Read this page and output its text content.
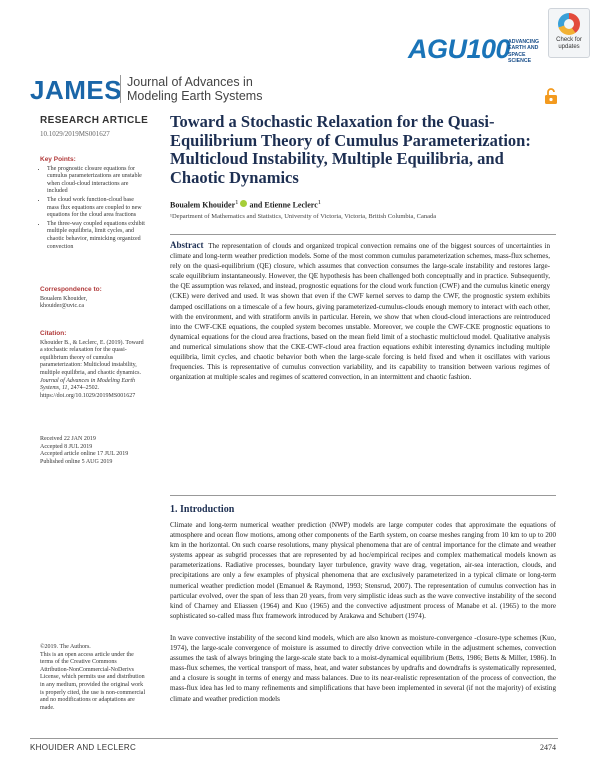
Check for updates
AGU100
ADVANCING EARTH AND SPACE SCIENCE
JAMES Journal of Advances in
Modeling Earth Systems
RESEARCH ARTICLE
10.1029/2019MS001627
Key Points:
• The prognostic closure equations for cumulus parameterizations are unstable when cloud-cloud interactions are included
• The cloud work function-cloud base mass flux equations are coupled to new equations for the cloud area fractions
• The three-way coupled equations exhibit multiple equilibria, limit cycles, and chaotic behavior, mimicking organized convection
Correspondence to:
Boualem Khouider,
khouider@uvic.ca
Citation:
Khouider B., & Leclerc, E. (2019). Toward a stochastic relaxation for the quasi-equilibrium theory of cumulus parameterization: Multicloud instability, multiple equilibria, and chaotic dynamics. Journal of Advances in Modeling Earth Systems, 11, 2474–2502. https://doi.org/10.1029/2019MS001627
Received 22 JAN 2019
Accepted 8 JUL 2019
Accepted article online 17 JUL 2019
Published online 5 AUG 2019
©2019. The Authors.
This is an open access article under the terms of the Creative Commons Attribution-NonCommercial-NoDerivs License, which permits use and distribution in any medium, provided the original work is properly cited, the use is non-commercial and no modifications or adaptations are made.
Toward a Stochastic Relaxation for the Quasi-Equilibrium Theory of Cumulus Parameterization: Multicloud Instability, Multiple Equilibria, and Chaotic Dynamics
Boualem Khouider$^1$  and Etienne Leclerc$^1$
¹Department of Mathematics and Statistics, University of Victoria, Victoria, British Columbia, Canada
Abstract The representation of clouds and organized tropical convection remains one of the biggest sources of uncertainties in climate and long-term weather prediction models. Some of the most common cumulus parameterization schemes, mass-flux schemes, rely on the quasi-equilibrium (QE) closure, which assumes that convection consumes the large-scale instability and restores large-scale equilibrium instantaneously. However, the QE hypothesis has been challenged both conceptually and in practice. Subsequently, the QE assumption was relaxed, and instead, prognostic equations for the cloud work function (CWF) and the cumulus kinetic energy (CKE) were derived and used. It was shown that even if the CWF kernel serves to damp the CWF, the prognostic system exhibits damped oscillations on a timescale of a few hours, giving parameterized-cumulus-clouds enough memory to interact with each other, with the environment, and with stratiform anvils in particular. Herein, we show that when cloud-cloud interactions are reintroduced into the CWF-CKE equations, the coupled system becomes unstable. Moreover, we couple the CWF-CKE prognostic equations to dynamical equations for the cloud area fractions, based on the mean field limit of a stochastic multicloud model. Qualitative analysis and numerical simulations show that the CKE-CWF-cloud area fraction equations exhibit interesting dynamics including multiple equilibria, limit cycles, and chaotic behavior both when the large-scale forcing is held fixed and when it oscillates with various frequencies. This is representative of cumulus convection variability, and its capability to transition between various regimes of organization at multiple scales and regimes of scattered convection, in an intermittent and chaotic fashion.
1. Introduction
Climate and long-term numerical weather prediction (NWP) models are large computer codes that approximate the equations of atmosphere and ocean flow motions, among other components of the Earth system, on coarse meshes ranging from 10 km to up to 200 km in the horizontal. On such coarse resolutions, many physical phenomena that are of central importance for the climate and weather systems appear as subgrid processes that are represented by ad hoc/empirical recipes and complex mathematical models known as parameterizations. Radiative processes, boundary layer turbulence, gravity wave drag, vegetation, air-sea interaction, clouds, and precipitations are only a few examples of physical phenomena that are exclusively parameterized in a typical climate or long-term numerical weather prediction model (Emanuel & Raymond, 1993; Stensrud, 2007). The representation of cumulus convection has in particular evolved, over the span of less than 20 years, from very simplistic ideas such as the wave convective instability of the second kind of Charney and Eliassen (1964) and Kuo (1965) and the convective adjustment process of Manabe et al. (1965) to the more sophisticated so-called mass flux framework introduced by Arakawa and Schubert (1974).
In wave convective instability of the second kind models, which are also known as moisture-convergence -closure-type schemes (Kuo, 1974), the large-scale convergence of moisture is assumed to directly drive convection while in the adjustment schemes, convection assumes the task of always bringing the large-scale state back to a moist-dynamical equilibrium (Betts, 1986; Betts & Miller, 1986). In mass-flux schemes, the vertical transport of mass, heat, and water substances by updrafts and downdrafts is systematically represented, and a closure is sought in terms of energy and mass balances. Due to its near-realistic representation of the process of convection, the mass-flux idea has led to many refinements and simplifications that have been implemented in several (if not the majority) of existing climate and weather prediction models
KHOUIDER AND LECLERC	2474
